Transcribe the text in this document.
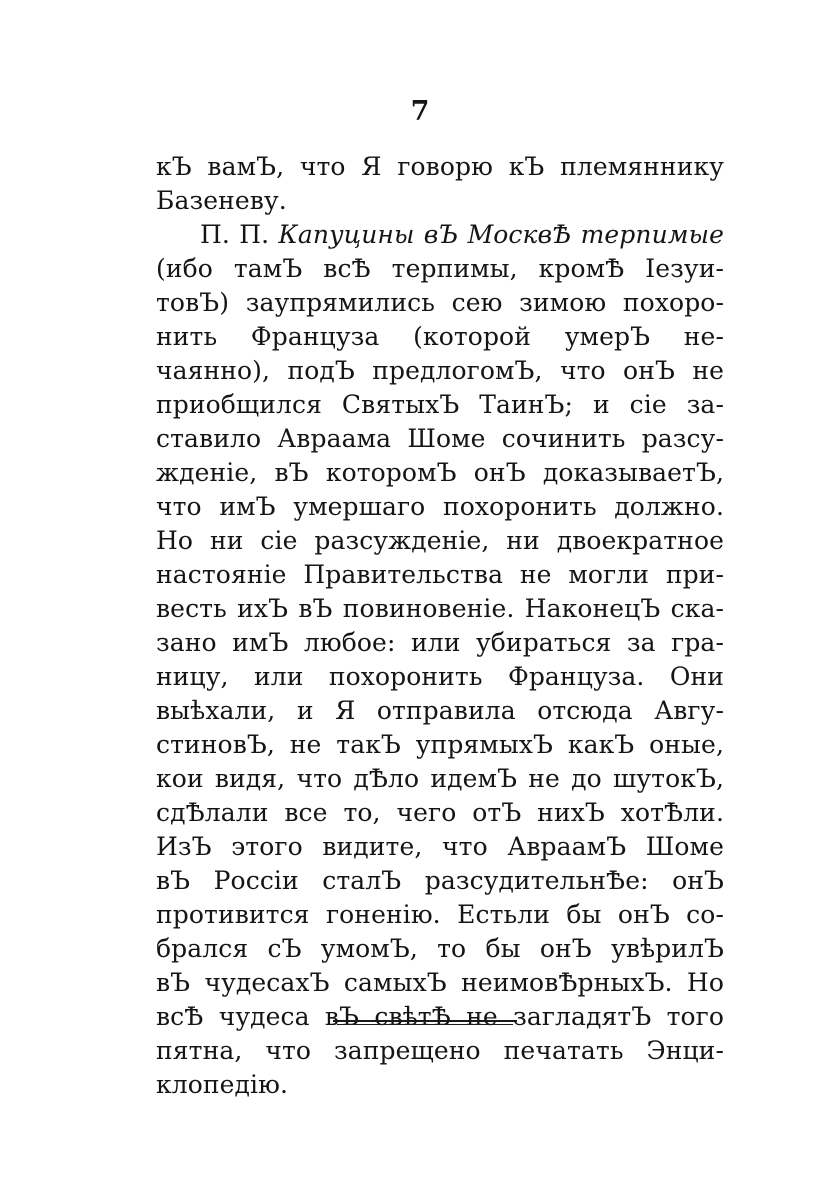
7
кЪ вамЪ, что Я говорю кЪ племяннику
Базеневу.
П. П. Капуцины вЪ МосквѢ терпимые
(ибо тамЪ всѢ терпимы, кромѢ Іезуи-
товЪ) заупрямились сею зимою похоро-
нить Француза (которой умерЪ не-
чаянно), подЪ предлогомЪ, что онЪ не
приобщился СвятыхЪ ТаинЪ; и сіе за-
ставило Авраама Шоме сочинить разсу-
жденіе, вЪ которомЪ онЪ доказываетЪ,
что имЪ умершаго похоронить должно.
Но ни сіе разсужденіе, ни двоекратное
настояніе Правительства не могли при-
весть ихЪ вЪ повиновеніе. НаконецЪ ска-
зано имЪ любое: или убираться за гра-
ницу, или похоронить Француза. Они
выѣхали, и Я отправила отсюда Авгу-
стиновЪ, не такЪ упрямыхЪ какЪ оные,
кои видя, что дѢло идемЪ не до шутокЪ,
сдѢлали все то, чего отЪ нихЪ хотѢли.
ИзЪ этого видите, что АвраамЪ Шоме
вЪ Россіи сталЪ разсудительнѢе: онЪ
противится гоненію. Естьли бы онЪ со-
брался сЪ умомЪ, то бы онЪ увѣрилЪ
вЪ чудесахЪ самыхЪ неимовѢрныхЪ. Но
всѢ чудеса вЪ свѣтѢ не загладятЪ того
пятна, что запрещено печатать Энци-
клопедію.
